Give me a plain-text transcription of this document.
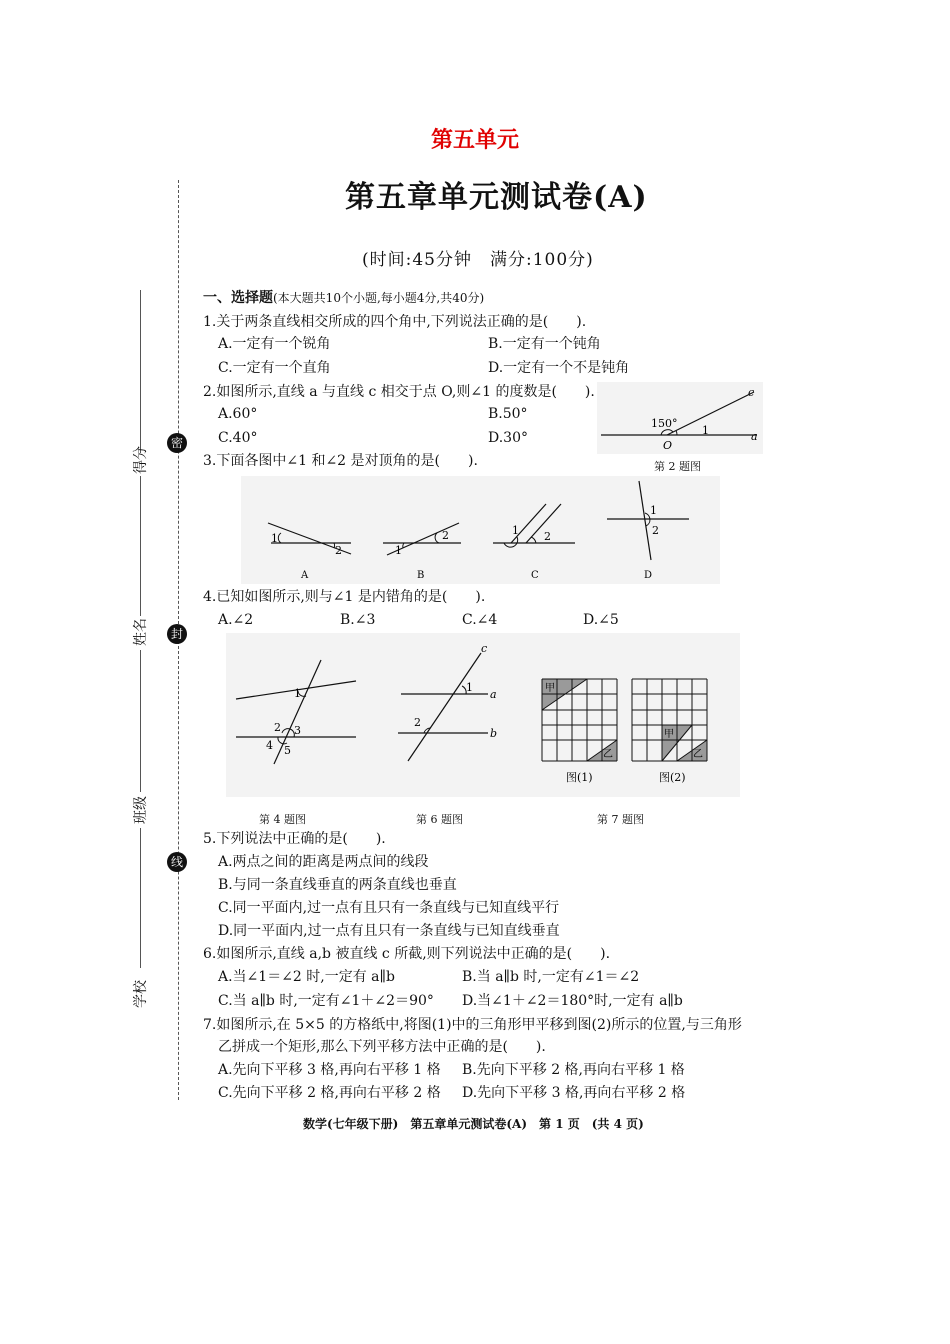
第五单元
第五章单元测试卷(A)
(时间:45分钟　满分:100分)
得分
姓名
班级
学校
密
封
线
一、选择题(本大题共10个小题,每小题4分,共40分)
1.关于两条直线相交所成的四个角中,下列说法正确的是(　　).
A.一定有一个锐角	B.一定有一个钝角
C.一定有一个直角	D.一定有一个不是钝角
2.如图所示,直线 a 与直线 c 相交于点 O,则∠1 的度数是(　　).
A.60°	B.50°
C.40°	D.30°
150°
1
O
a
c
第 2 题图
3.下面各图中∠1 和∠2 是对顶角的是(　　).
1
2
A
1
2
B
1 2
C
1
2
D
4.已知如图所示,则与∠1 是内错角的是(　　).
A.∠2	B.∠3	C.∠4	D.∠5
1
2 3
4 5
1
2
a
b
c
甲
乙
图(1)
甲
乙
图(2)
第 4 题图	第 6 题图	第 7 题图
5.下列说法中正确的是(　　).
A.两点之间的距离是两点间的线段
B.与同一条直线垂直的两条直线也垂直
C.同一平面内,过一点有且只有一条直线与已知直线平行
D.同一平面内,过一点有且只有一条直线与已知直线垂直
6.如图所示,直线 a,b 被直线 c 所截,则下列说法中正确的是(　　).
A.当∠1＝∠2 时,一定有 a∥b	B.当 a∥b 时,一定有∠1＝∠2
C.当 a∥b 时,一定有∠1＋∠2＝90° D.当∠1＋∠2＝180°时,一定有 a∥b
7.如图所示,在 5×5 的方格纸中,将图(1)中的三角形甲平移到图(2)所示的位置,与三角形
乙拼成一个矩形,那么下列平移方法中正确的是(　　).
A.先向下平移 3 格,再向右平移 1 格 B.先向下平移 2 格,再向右平移 1 格
C.先向下平移 2 格,再向右平移 2 格 D.先向下平移 3 格,再向右平移 2 格
数学(七年级下册)　第五章单元测试卷(A)　第 1 页　(共 4 页)
